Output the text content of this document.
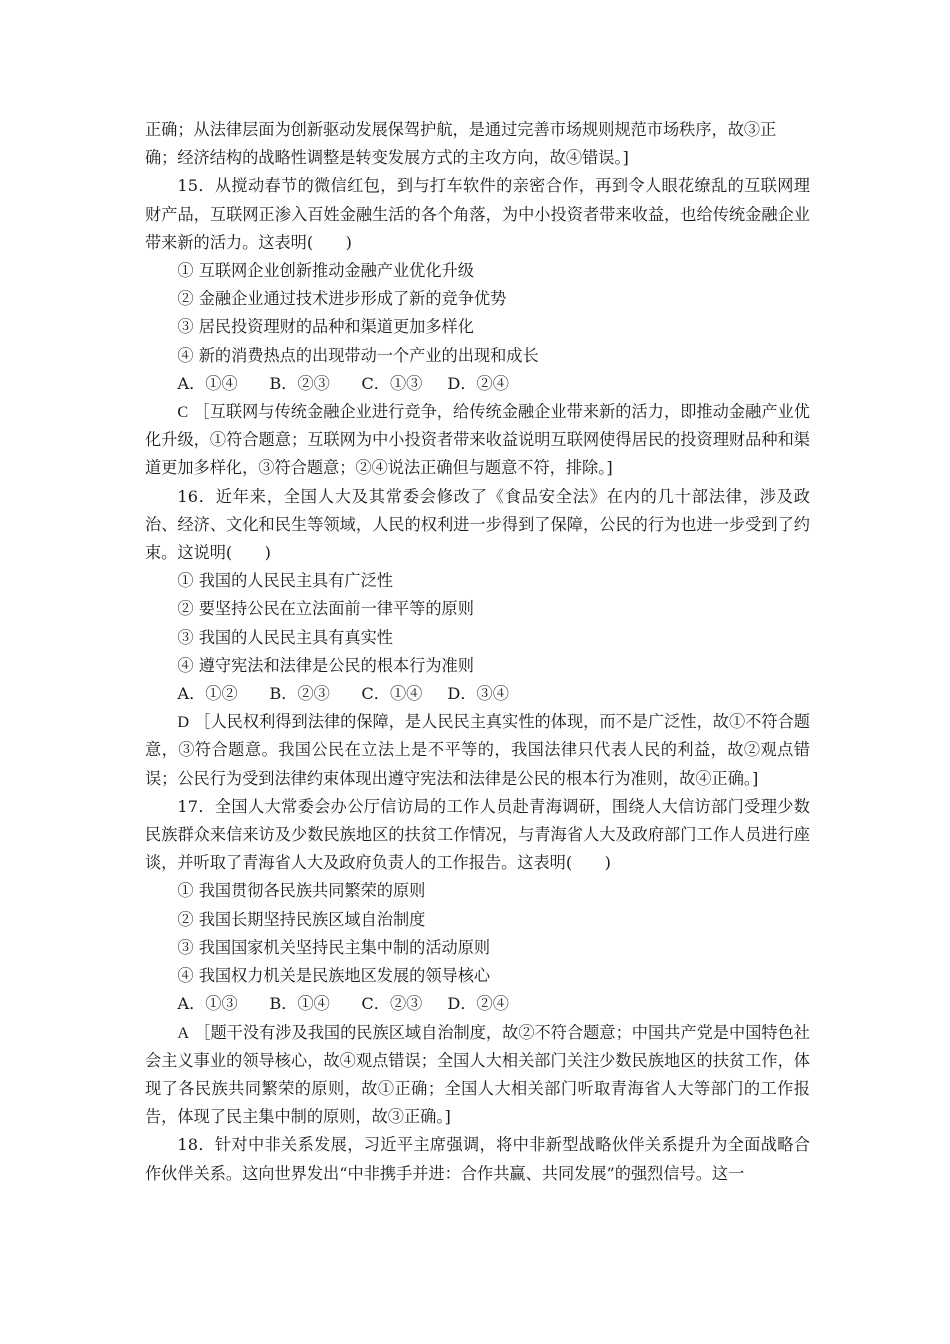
正确；从法律层面为创新驱动发展保驾护航，是通过完善市场规则规范市场秩序，故③正

确；经济结构的战略性调整是转变发展方式的主攻方向，故④错误。]

15．从搅动春节的微信红包，到与打车软件的亲密合作，再到令人眼花缭乱的互联网理财产品，互联网正渗入百姓金融生活的各个角落，为中小投资者带来收益，也给传统金融企业带来新的活力。这表明(　　)

① 互联网企业创新推动金融产业优化升级

② 金融企业通过技术进步形成了新的竞争优势

③ 居民投资理财的品种和渠道更加多样化

④ 新的消费热点的出现带动一个产业的出现和成长

A．①④ B．②③ C．①③ D．②④

C ［互联网与传统金融企业进行竞争，给传统金融企业带来新的活力，即推动金融产业优化升级，①符合题意；互联网为中小投资者带来收益说明互联网使得居民的投资理财品种和渠道更加多样化，③符合题意；②④说法正确但与题意不符，排除。]

16．近年来，全国人大及其常委会修改了《食品安全法》在内的几十部法律，涉及政治、经济、文化和民生等领域，人民的权利进一步得到了保障，公民的行为也进一步受到了约束。这说明(　　)

① 我国的人民民主具有广泛性

② 要坚持公民在立法面前一律平等的原则

③ 我国的人民民主具有真实性

④ 遵守宪法和法律是公民的根本行为准则

A．①② B．②③ C．①④ D．③④

D ［人民权利得到法律的保障，是人民民主真实性的体现，而不是广泛性，故①不符合题意，③符合题意。我国公民在立法上是不平等的，我国法律只代表人民的利益，故②观点错误；公民行为受到法律约束体现出遵守宪法和法律是公民的根本行为准则，故④正确。]

17．全国人大常委会办公厅信访局的工作人员赴青海调研，围绕人大信访部门受理少数民族群众来信来访及少数民族地区的扶贫工作情况，与青海省人大及政府部门工作人员进行座谈，并听取了青海省人大及政府负责人的工作报告。这表明(　　)

① 我国贯彻各民族共同繁荣的原则

② 我国长期坚持民族区域自治制度

③ 我国国家机关坚持民主集中制的活动原则

④ 我国权力机关是民族地区发展的领导核心

A．①③ B．①④ C．②③ D．②④

A ［题干没有涉及我国的民族区域自治制度，故②不符合题意；中国共产党是中国特色社会主义事业的领导核心，故④观点错误；全国人大相关部门关注少数民族地区的扶贫工作，体现了各民族共同繁荣的原则，故①正确；全国人大相关部门听取青海省人大等部门的工作报告，体现了民主集中制的原则，故③正确。]

18．针对中非关系发展，习近平主席强调，将中非新型战略伙伴关系提升为全面战略合作伙伴关系。这向世界发出“中非携手并进：合作共赢、共同发展”的强烈信号。这一
